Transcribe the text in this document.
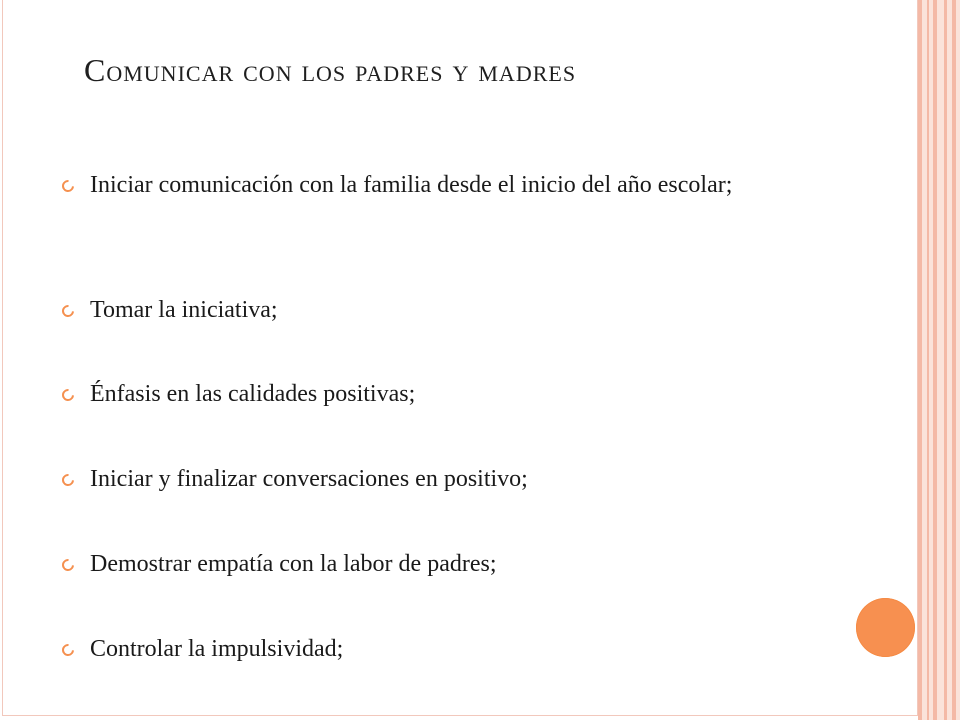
Comunicar con los padres y madres
Iniciar comunicación con la familia desde el inicio del año escolar;
Tomar la iniciativa;
Énfasis en las calidades positivas;
Iniciar y finalizar conversaciones en positivo;
Demostrar empatía con la labor de padres;
Controlar la impulsividad;
